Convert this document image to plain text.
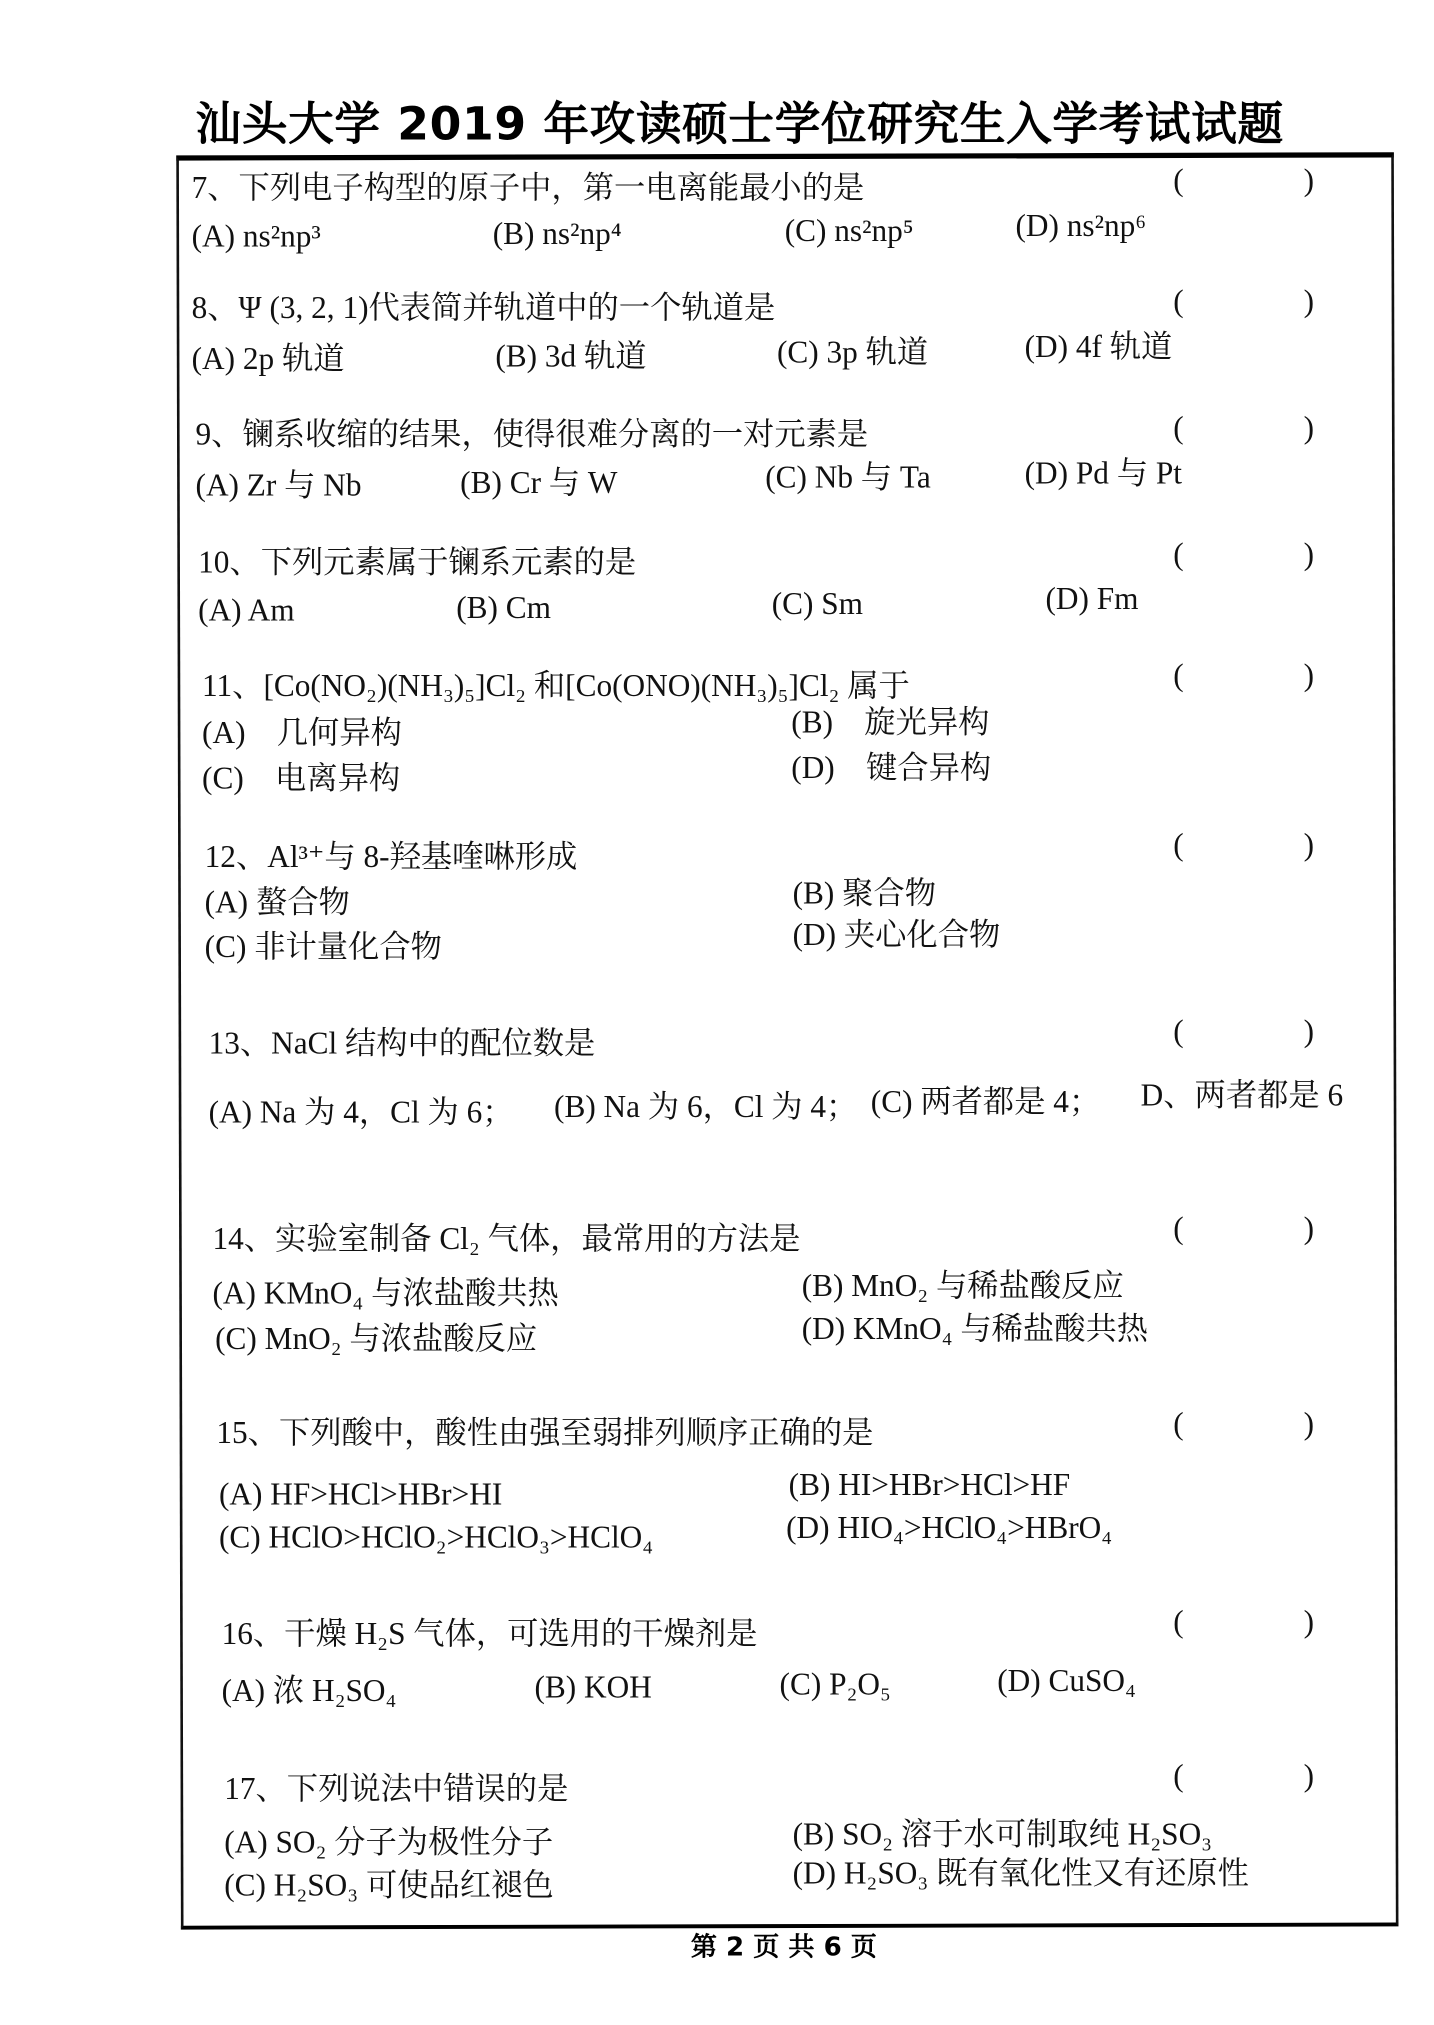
汕头大学 2019 年攻读硕士学位研究生入学考试试题
7、下列电子构型的原子中，第一电离能最小的是	(	)
(A) ns²np³	(B) ns²np⁴	(C) ns²np⁵	(D) ns²np⁶
8、Ψ (3, 2, 1)代表简并轨道中的一个轨道是	(	)
(A) 2p 轨道	(B) 3d 轨道	(C) 3p 轨道	(D) 4f 轨道
9、镧系收缩的结果，使得很难分离的一对元素是	(	)
(A) Zr 与 Nb	(B) Cr 与 W	(C) Nb 与 Ta	(D) Pd 与 Pt
10、下列元素属于镧系元素的是	(	)
(A) Am	(B) Cm	(C) Sm	(D) Fm
11、[Co(NO₂)(NH₃)₅]Cl₂ 和[Co(ONO)(NH₃)₅]Cl₂ 属于	(	)
(A)　几何异构	(B)　旋光异构
(C)　电离异构	(D)　键合异构
12、Al³⁺与 8-羟基喹啉形成	(	)
(A) 螯合物	(B) 聚合物
(C) 非计量化合物	(D) 夹心化合物
13、NaCl 结构中的配位数是	(	)
(A) Na 为 4，Cl 为 6； (B) Na 为 6，Cl 为 4； (C) 两者都是 4； D、两者都是 6
14、实验室制备 Cl₂ 气体，最常用的方法是	(	)
(A) KMnO₄ 与浓盐酸共热	(B) MnO₂ 与稀盐酸反应
(C) MnO₂ 与浓盐酸反应	(D) KMnO₄ 与稀盐酸共热
15、下列酸中，酸性由强至弱排列顺序正确的是	(	)
(A) HF>HCl>HBr>HI	(B) HI>HBr>HCl>HF
(C) HClO>HClO₂>HClO₃>HClO₄	(D) HIO₄>HClO₄>HBrO₄
16、干燥 H₂S 气体，可选用的干燥剂是	(	)
(A) 浓 H₂SO₄	(B) KOH	(C) P₂O₅	(D) CuSO₄
17、下列说法中错误的是	(	)
(A) SO₂ 分子为极性分子	(B) SO₂ 溶于水可制取纯 H₂SO₃
(C) H₂SO₃ 可使品红褪色	(D) H₂SO₃ 既有氧化性又有还原性
第 2 页 共 6 页
